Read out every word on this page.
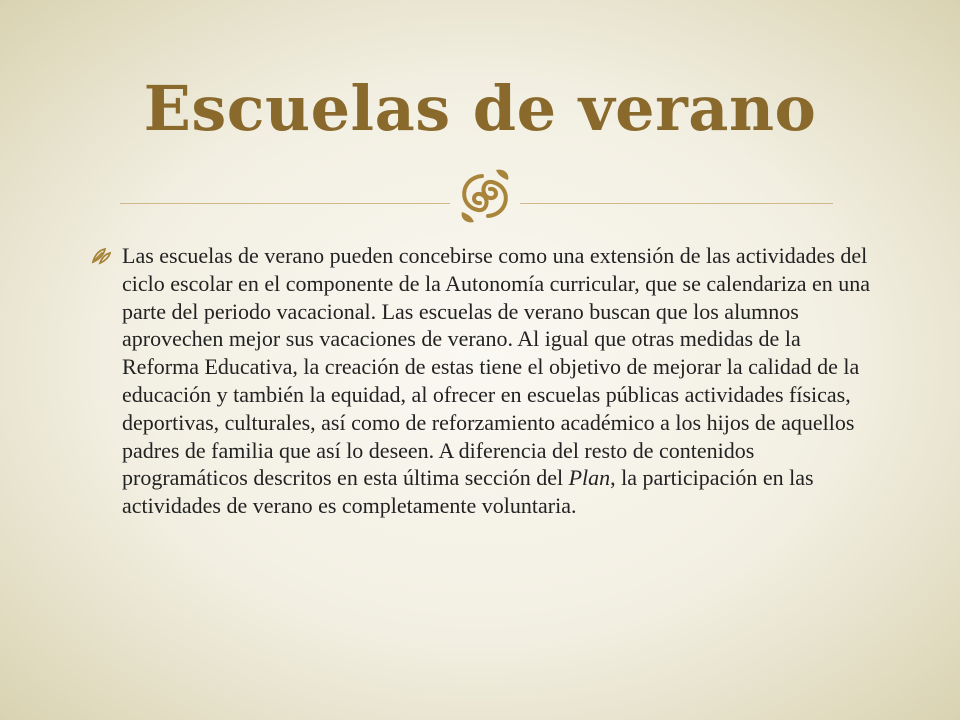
Escuelas de verano
Las escuelas de verano pueden concebirse como una extensión de las actividades del ciclo escolar en el componente de la Autonomía curricular, que se calendariza en una parte del periodo vacacional. Las escuelas de verano buscan que los alumnos aprovechen mejor sus vacaciones de verano. Al igual que otras medidas de la Reforma Educativa, la creación de estas tiene el objetivo de mejorar la calidad de la educación y también la equidad, al ofrecer en escuelas públicas actividades físicas, deportivas, culturales, así como de reforzamiento académico a los hijos de aquellos padres de familia que así lo deseen. A diferencia del resto de contenidos programáticos descritos en esta última sección del Plan, la participación en las actividades de verano es completamente voluntaria.
